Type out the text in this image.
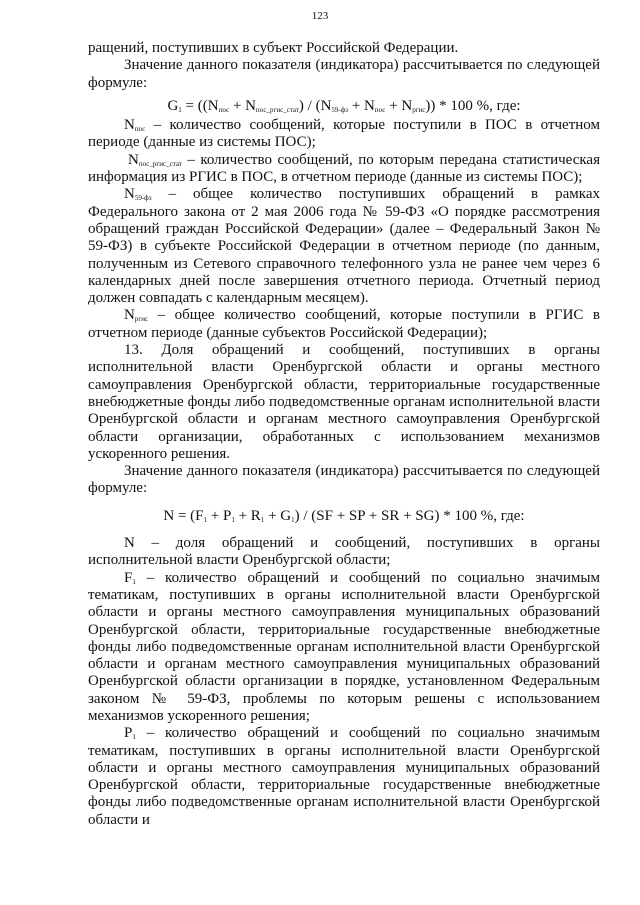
123

ращений, поступивших в субъект Российской Федерации.

Значение данного показателя (индикатора) рассчитывается по следующей формуле:

$G_1 = ((N_{пос} + N_{пос\_ргис\_стат}) / (N_{59-фз} + N_{пос} + N_{ргис})) * 100$ %, где:

$N_{пос}$ – количество сообщений, которые поступили в ПОС в отчетном периоде (данные из системы ПОС);

$N_{пос\_ргис\_стат}$ – количество сообщений, по которым передана статистическая информация из РГИС в ПОС, в отчетном периоде (данные из системы ПОС);

$N_{59-фз}$ – общее количество поступивших обращений в рамках Федерального закона от 2 мая 2006 года № 59-ФЗ «О порядке рассмотрения обращений граждан Российской Федерации» (далее – Федеральный Закон № 59-ФЗ) в субъекте Российской Федерации в отчетном периоде (по данным, полученным из Сетевого справочного телефонного узла не ранее чем через 6 календарных дней после завершения отчетного периода. Отчетный период должен совпадать с календарным месяцем).

$N_{ргис}$ – общее количество сообщений, которые поступили в РГИС в отчетном периоде (данные субъектов Российской Федерации);

13. Доля обращений и сообщений, поступивших в органы исполнительной власти Оренбургской области и органы местного самоуправления Оренбургской области, территориальные государственные внебюджетные фонды либо подведомственные органам исполнительной власти Оренбургской области и органам местного самоуправления Оренбургской области организации, обработанных с использованием механизмов ускоренного решения.

Значение данного показателя (индикатора) рассчитывается по следующей формуле:

$N = (F_1 + P_1 + R_1 + G_1) / (SF$ + SP + SR + SG) * 100 %, где:

N – доля обращений и сообщений, поступивших в органы исполнительной власти Оренбургской области;

$F_1$ – количество обращений и сообщений по социально значимым тематикам, поступивших в органы исполнительной власти Оренбургской области и органы местного самоуправления муниципальных образований Оренбургской области, территориальные государственные внебюджетные фонды либо подведомственные органам исполнительной власти Оренбургской области и органам местного самоуправления муниципальных образований Оренбургской области организации в порядке, установленном Федеральным законом № 59-ФЗ, проблемы по которым решены с использованием механизмов ускоренного решения;

$P_1$ – количество обращений и сообщений по социально значимым тематикам, поступивших в органы исполнительной власти Оренбургской области и органы местного самоуправления муниципальных образований Оренбургской области, территориальные государственные внебюджетные фонды либо подведомственные органам исполнительной власти Оренбургской области и
